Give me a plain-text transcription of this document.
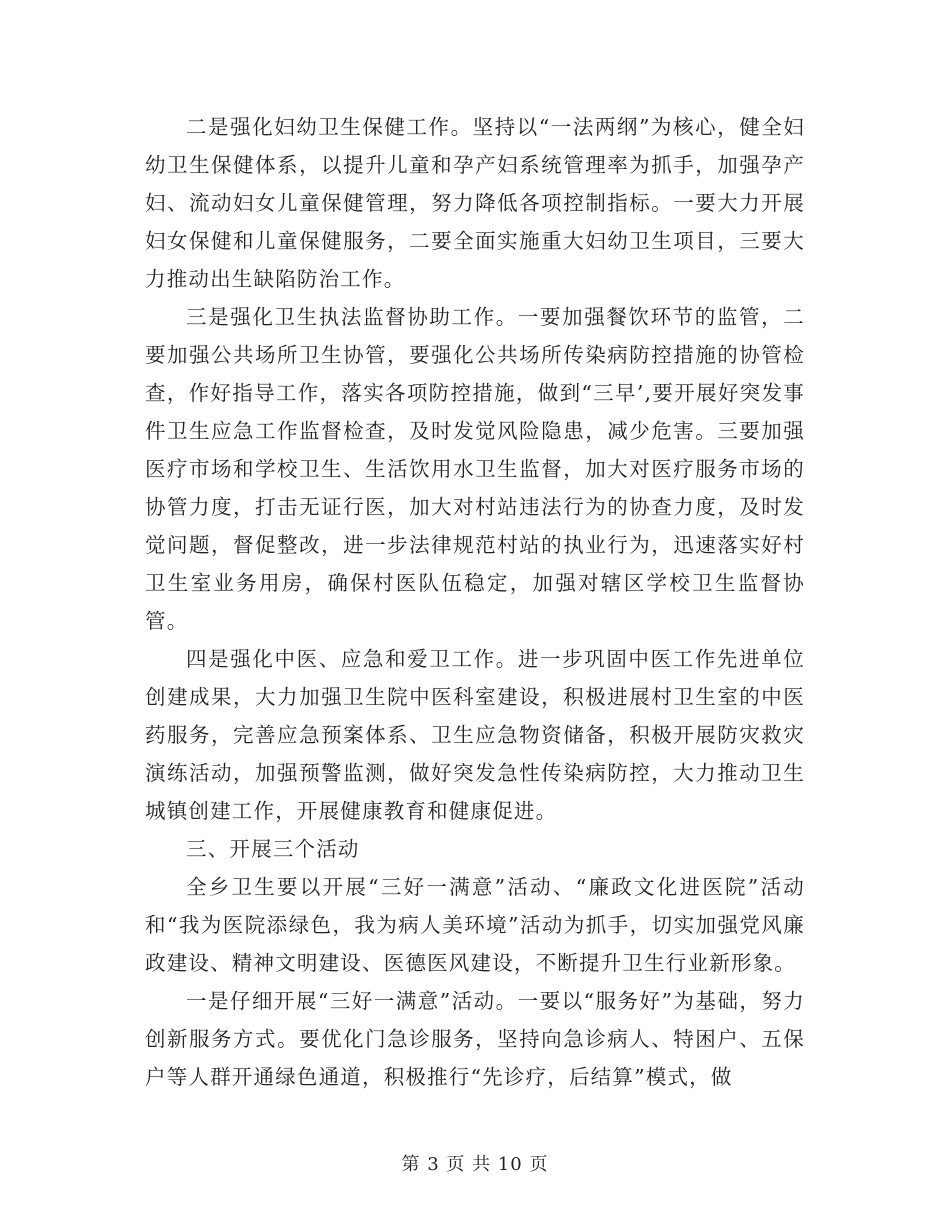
二是强化妇幼卫生保健工作。坚持以“一法两纲”为核心，健全妇幼卫生保健体系，以提升儿童和孕产妇系统管理率为抓手，加强孕产妇、流动妇女儿童保健管理，努力降低各项控制指标。一要大力开展妇女保健和儿童保健服务，二要全面实施重大妇幼卫生项目，三要大力推动出生缺陷防治工作。

三是强化卫生执法监督协助工作。一要加强餐饮环节的监管，二要加强公共场所卫生协管，要强化公共场所传染病防控措施的协管检查，作好指导工作，落实各项防控措施，做到“三早’,要开展好突发事件卫生应急工作监督检查，及时发觉风险隐患，减少危害。三要加强医疗市场和学校卫生、生活饮用水卫生监督，加大对医疗服务市场的协管力度，打击无证行医，加大对村站违法行为的协查力度，及时发觉问题，督促整改，进一步法律规范村站的执业行为，迅速落实好村卫生室业务用房，确保村医队伍稳定，加强对辖区学校卫生监督协管。

四是强化中医、应急和爱卫工作。进一步巩固中医工作先进单位创建成果，大力加强卫生院中医科室建设，积极进展村卫生室的中医药服务，完善应急预案体系、卫生应急物资储备，积极开展防灾救灾演练活动，加强预警监测，做好突发急性传染病防控，大力推动卫生城镇创建工作，开展健康教育和健康促进。

三、开展三个活动

全乡卫生要以开展“三好一满意”活动、“廉政文化进医院”活动和“我为医院添绿色，我为病人美环境”活动为抓手，切实加强党风廉政建设、精神文明建设、医德医风建设，不断提升卫生行业新形象。

一是仔细开展“三好一满意”活动。一要以“服务好”为基础，努力创新服务方式。要优化门急诊服务，坚持向急诊病人、特困户、五保户等人群开通绿色通道，积极推行“先诊疗，后结算”模式，做

第 3 页 共 10 页
